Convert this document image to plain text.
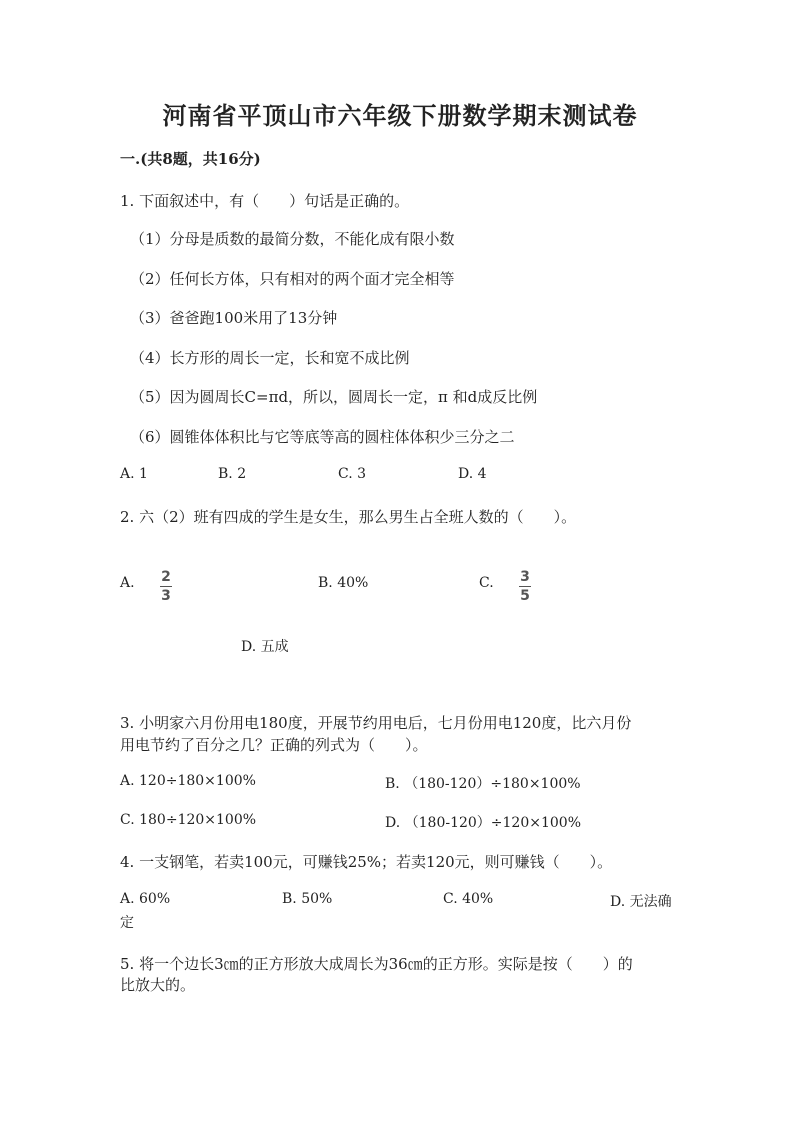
河南省平顶山市六年级下册数学期末测试卷
一.(共8题，共16分)
1. 下面叙述中，有（　　）句话是正确的。
（1）分母是质数的最简分数，不能化成有限小数
（2）任何长方体，只有相对的两个面才完全相等
（3）爸爸跑100米用了13分钟
（4）长方形的周长一定，长和宽不成比例
（5）因为圆周长C=πd，所以，圆周长一定，π 和d成反比例
（6）圆锥体体积比与它等底等高的圆柱体体积少三分之二
A. 1	B. 2	C. 3	D. 4
2. 六（2）班有四成的学生是女生，那么男生占全班人数的（　　）。
A. 2
3
B. 40%	C. 3
5
D. 五成
3. 小明家六月份用电180度，开展节约用电后，七月份用电120度，比六月份
用电节约了百分之几？正确的列式为（　　）。
A. 120÷180×100%	B. （180-120）÷180×100%
C. 180÷120×100%	D. （180-120）÷120×100%
4. 一支钢笔，若卖100元，可赚钱25%；若卖120元，则可赚钱（　　）。
A. 60%	B. 50%	C. 40%	D. 无法确
定
5. 将一个边长3㎝的正方形放大成周长为36㎝的正方形。实际是按（　　）的
比放大的。
